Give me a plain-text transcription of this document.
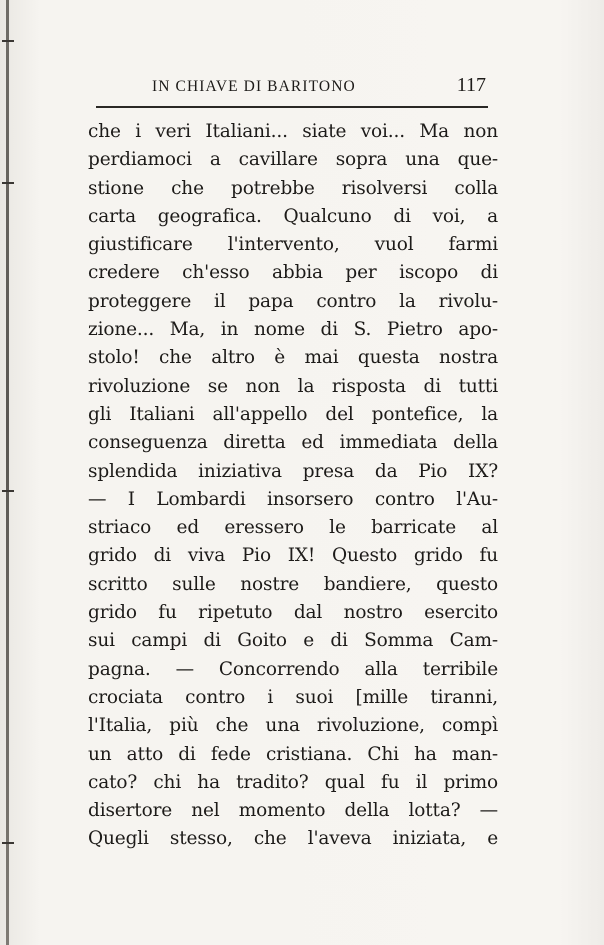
IN CHIAVE DI BARITONO	117
che i veri Italiani... siate voi... Ma non
perdiamoci a cavillare sopra una que-
stione che potrebbe risolversi colla
carta geografica. Qualcuno di voi, a
giustificare l'intervento, vuol farmi
credere ch'esso abbia per iscopo di
proteggere il papa contro la rivolu-
zione... Ma, in nome di S. Pietro apo-
stolo! che altro è mai questa nostra
rivoluzione se non la risposta di tutti
gli Italiani all'appello del pontefice, la
conseguenza diretta ed immediata della
splendida iniziativa presa da Pio IX?
— I Lombardi insorsero contro l'Au-
striaco ed eressero le barricate al
grido di viva Pio IX! Questo grido fu
scritto sulle nostre bandiere, questo
grido fu ripetuto dal nostro esercito
sui campi di Goito e di Somma Cam-
pagna. — Concorrendo alla terribile
crociata contro i suoi [mille tiranni,
l'Italia, più che una rivoluzione, compì
un atto di fede cristiana. Chi ha man-
cato? chi ha tradito? qual fu il primo
disertore nel momento della lotta? —
Quegli stesso, che l'aveva iniziata, e
